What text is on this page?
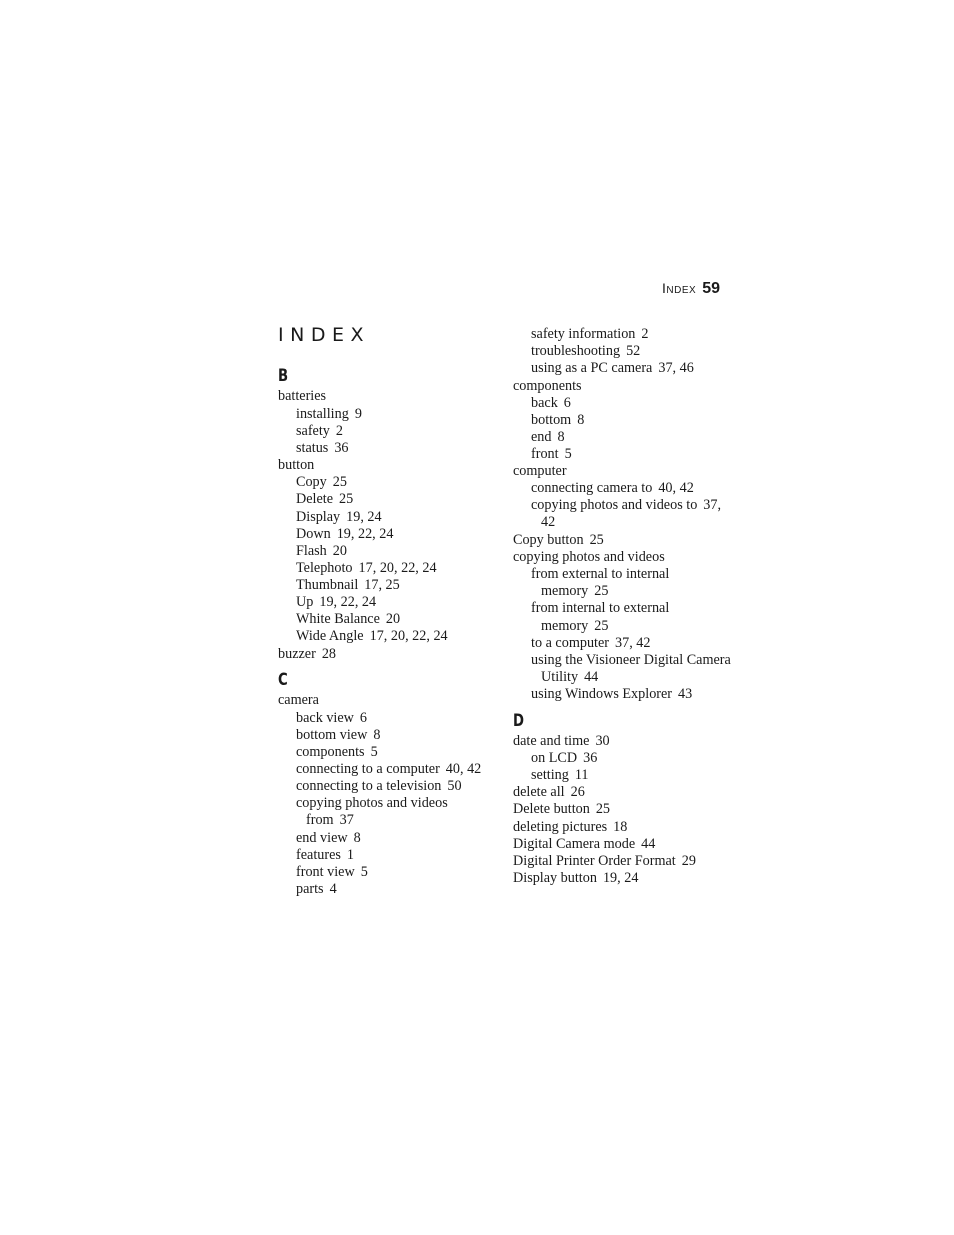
Index 59
INDEX
B
batteries
installing 9
safety 2
status 36
button
Copy 25
Delete 25
Display 19, 24
Down 19, 22, 24
Flash 20
Telephoto 17, 20, 22, 24
Thumbnail 17, 25
Up 19, 22, 24
White Balance 20
Wide Angle 17, 20, 22, 24
buzzer 28
C
camera
back view 6
bottom view 8
components 5
connecting to a computer 40, 42
connecting to a television 50
copying photos and videos
from 37
end view 8
features 1
front view 5
parts 4
safety information 2
troubleshooting 52
using as a PC camera 37, 46
components
back 6
bottom 8
end 8
front 5
computer
connecting camera to 40, 42
copying photos and videos to 37,
42
Copy button 25
copying photos and videos
from external to internal
memory 25
from internal to external
memory 25
to a computer 37, 42
using the Visioneer Digital Camera
Utility 44
using Windows Explorer 43
D
date and time 30
on LCD 36
setting 11
delete all 26
Delete button 25
deleting pictures 18
Digital Camera mode 44
Digital Printer Order Format 29
Display button 19, 24
